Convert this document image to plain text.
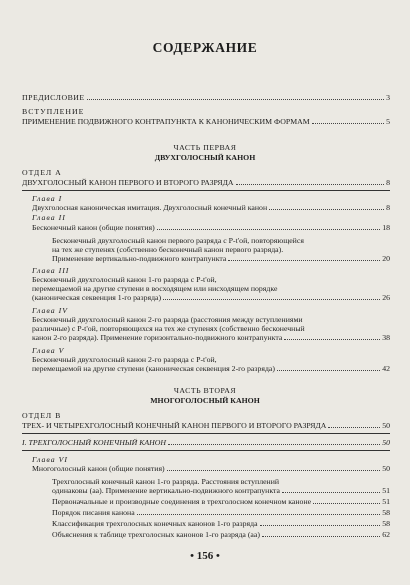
СОДЕРЖАНИЕ
ПРЕДИСЛОВИЕ	3
ВСТУПЛЕНИЕ
ПРИМЕНЕНИЕ ПОДВИЖНОГО КОНТРАПУНКТА К КАНОНИЧЕСКИМ ФОРМАМ	5
ЧАСТЬ ПЕРВАЯ
ДВУХГОЛОСНЫЙ КАНОН
ОТДЕЛ А
ДВУХГОЛОСНЫЙ КАНОН ПЕРВОГО И ВТОРОГО РАЗРЯДА	8
Глава I
Двухголосная каноническая имитация. Двухголосный конечный канон	8
Глава II
Бесконечный канон (общие понятия)	18
Бесконечный двухголосный канон первого разряда с Р-t'ой, повторяющейся
на тех же ступенях (собственно бесконечный канон первого разряда).
Применение вертикально-подвижного контрапункта	20
Глава III
Бесконечный двухголосный канон 1-го разряда с Р-t'ой,
перемещаемой на другие ступени в восходящем или нисходящем порядке
(каноническая секвенция 1-го разряда)	26
Глава IV
Бесконечный двухголосный канон 2-го разряда (расстояния между вступлениями
различные) с Р-t'ой, повторяющихся на тех же ступенях (собственно бесконечный
канон 2-го разряда). Применение горизонтально-подвижного контрапункта	38
Глава V
Бесконечный двухголосный канон 2-го разряда с Р-t'ой,
перемещаемой на другие ступени (каноническая секвенция 2-го разряда)	42
ЧАСТЬ ВТОРАЯ
МНОГОГОЛОСНЫЙ КАНОН
ОТДЕЛ В
ТРЕХ- И ЧЕТЫРЕХГОЛОСНЫЙ КОНЕЧНЫЙ КАНОН ПЕРВОГО И ВТОРОГО РАЗРЯДА	50
I. ТРЕХГОЛОСНЫЙ КОНЕЧНЫЙ КАНОН	50
Глава VI
Многоголосный канон (общие понятия)	50
Трехголосный конечный канон 1-го разряда. Расстояния вступлений
одинаковы (аа). Применение вертикально-подвижного контрапункта	51
Первоначальные и производные соединения в трехголосном конечном каноне	51
Порядок писания канона	58
Классификация трехголосных конечных канонов 1-го разряда	58
Объяснения к таблице трехголосных канонов 1-го разряда (аа)	62
• 156 •
